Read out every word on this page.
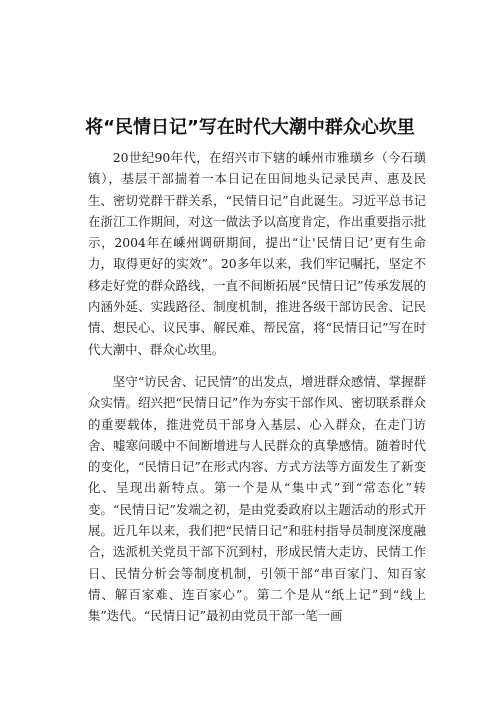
将“民情日记”写在时代大潮中群众心坎里

20世纪90年代，在绍兴市下辖的嵊州市雅璜乡（今石璜镇），基层干部揣着一本日记在田间地头记录民声、惠及民生、密切党群干群关系，“民情日记”自此诞生。习近平总书记在浙江工作期间，对这一做法予以高度肯定，作出重要指示批示，2004年在嵊州调研期间，提出“让'民情日记’更有生命力，取得更好的实效”。20多年以来，我们牢记嘱托，坚定不移走好党的群众路线，一直不间断拓展“民情日记”传承发展的内涵外延、实践路径、制度机制，推进各级干部访民舍、记民情、想民心、议民事、解民难、帮民富，将“民情日记”写在时代大潮中、群众心坎里。

坚守“访民舍、记民情”的出发点，增进群众感情、掌握群众实情。绍兴把“民情日记”作为夯实干部作风、密切联系群众的重要载体，推进党员干部身入基层、心入群众，在走门访舍、嘘寒问暖中不间断增进与人民群众的真挚感情。随着时代的变化，“民情日记”在形式内容、方式方法等方面发生了新变化、呈现出新特点。第一个是从“集中式”到“常态化”转变。“民情日记”发端之初，是由党委政府以主题活动的形式开展。近几年以来，我们把“民情日记”和驻村指导员制度深度融合，选派机关党员干部下沉到村，形成民情大走访、民情工作日、民情分析会等制度机制，引领干部“串百家门、知百家情、解百家难、连百家心”。第二个是从“纸上记”到“线上集”迭代。“民情日记”最初由党员干部一笔一画
